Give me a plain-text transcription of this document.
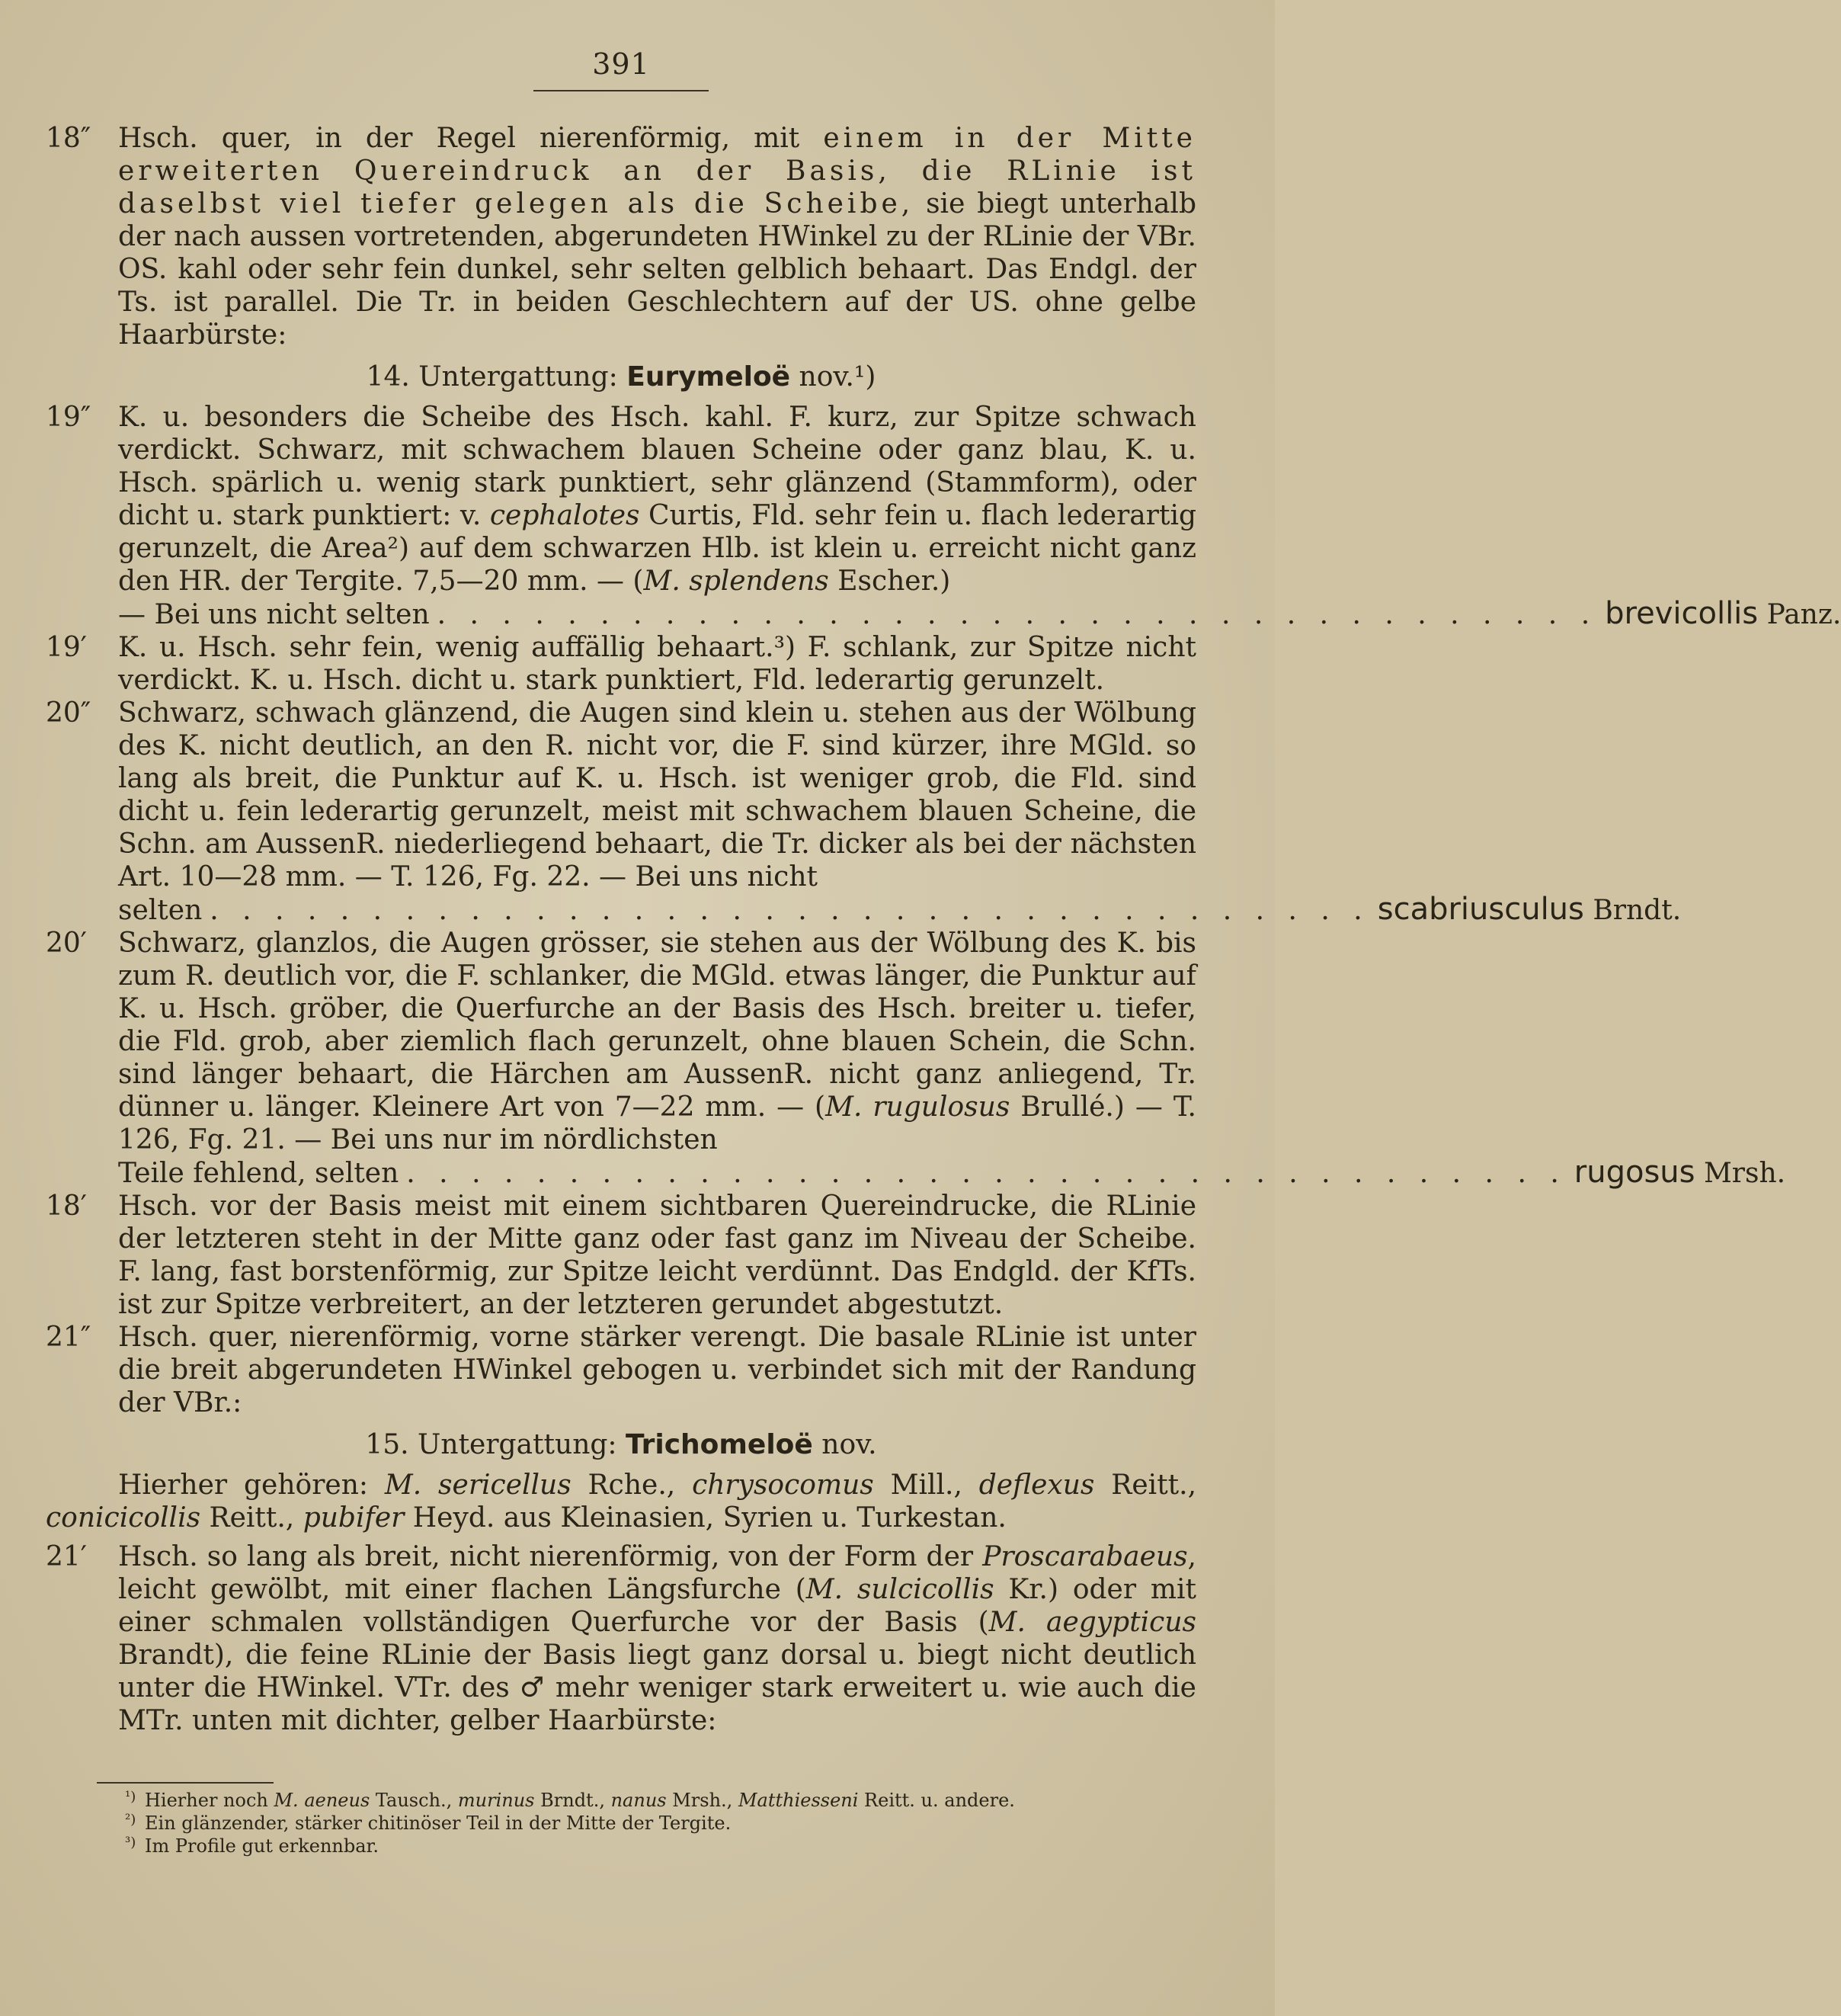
391
18″ Hsch. quer, in der Regel nierenförmig, mit einem in der Mitte erweiterten Quereindruck an der Basis, die RLinie ist daselbst viel tiefer gelegen als die Scheibe, sie biegt unterhalb der nach aussen vortretenden, abgerundeten HWinkel zu der RLinie der VBr. OS. kahl oder sehr fein dunkel, sehr selten gelblich behaart. Das Endgl. der Ts. ist parallel. Die Tr. in beiden Geschlechtern auf der US. ohne gelbe Haarbürste:
14. Untergattung: Eurymeloë nov.¹)
19″ K. u. besonders die Scheibe des Hsch. kahl. F. kurz, zur Spitze schwach verdickt. Schwarz, mit schwachem blauen Scheine oder ganz blau, K. u. Hsch. spärlich u. wenig stark punktiert, sehr glänzend (Stammform), oder dicht u. stark punktiert: v. cephalotes Curtis, Fld. sehr fein u. flach lederartig gerunzelt, die Area²) auf dem schwarzen Hlb. ist klein u. erreicht nicht ganz den HR. der Tergite. 7,5—20 mm. — (M. splendens Escher.)
— Bei uns nicht selten . . . . . . . . . . . . . . . . . . . . . . . . . . . . . . . . . . . . brevicollis
Panz.
19′	K. u. Hsch. sehr fein, wenig auffällig behaart.³) F. schlank, zur Spitze nicht verdickt. K. u. Hsch. dicht u. stark punktiert, Fld. lederartig gerunzelt.
20″ Schwarz, schwach glänzend, die Augen sind klein u. stehen aus der Wölbung des K. nicht deutlich, an den R. nicht vor, die F. sind kürzer, ihre MGld. so lang als breit, die Punktur auf K. u. Hsch. ist weniger grob, die Fld. sind dicht u. fein lederartig gerunzelt, meist mit schwachem blauen Scheine, die Schn. am AussenR. niederliegend behaart, die Tr. dicker als bei der nächsten Art. 10—28 mm. — T. 126, Fg. 22. — Bei uns nicht
selten . . . . . . . . . . . . . . . . . . . . . . . . . . . . . . . . . . . . scabriusculus
Brndt.
20′	Schwarz, glanzlos, die Augen grösser, sie stehen aus der Wölbung des K. bis zum R. deutlich vor, die F. schlanker, die MGld. etwas länger, die Punktur auf K. u. Hsch. gröber, die Querfurche an der Basis des Hsch. breiter u. tiefer, die Fld. grob, aber ziemlich flach gerunzelt, ohne blauen Schein, die Schn. sind länger behaart, die Härchen am AussenR. nicht ganz anliegend, Tr. dünner u. länger. Kleinere Art von 7—22 mm. — (M. rugulosus Brullé.) — T. 126, Fg. 21. — Bei uns nur im nördlichsten
Teile fehlend, selten . . . . . . . . . . . . . . . . . . . . . . . . . . . . . . . . . . . . rugosus
Mrsh.
18′	Hsch. vor der Basis meist mit einem sichtbaren Quereindrucke, die RLinie der letzteren steht in der Mitte ganz oder fast ganz im Niveau der Scheibe. F. lang, fast borstenförmig, zur Spitze leicht verdünnt. Das Endgld. der KfTs. ist zur Spitze verbreitert, an der letzteren gerundet abgestutzt.
21″ Hsch. quer, nierenförmig, vorne stärker verengt. Die basale RLinie ist unter die breit abgerundeten HWinkel gebogen u. verbindet sich mit der Randung der VBr.:
15. Untergattung: Trichomeloë nov.
Hierher gehören: M. sericellus Rche., chrysocomus Mill., deflexus Reitt., conicicollis Reitt., pubifer Heyd. aus Kleinasien, Syrien u. Turkestan.
21′	Hsch. so lang als breit, nicht nierenförmig, von der Form der Proscarabaeus, leicht gewölbt, mit einer flachen Längsfurche (M. sulcicollis Kr.) oder mit einer schmalen vollständigen Querfurche vor der Basis (M. aegypticus Brandt), die feine RLinie der Basis liegt ganz dorsal u. biegt nicht deutlich unter die HWinkel. VTr. des ♂ mehr weniger stark erweitert u. wie auch die MTr. unten mit dichter, gelber Haarbürste:
¹) Hierher noch M. aeneus Tausch., murinus Brndt., nanus Mrsh., Matthiesseni Reitt. u. andere.
²) Ein glänzender, stärker chitinöser Teil in der Mitte der Tergite.
³) Im Profile gut erkennbar.
